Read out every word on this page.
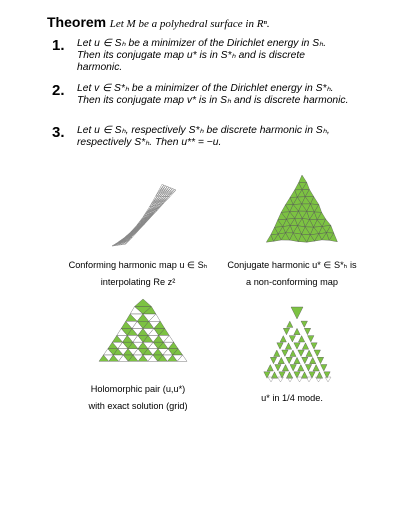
Theorem Let M be a polyhedral surface in Rⁿ.
1. Let u ∈ Sₕ be a minimizer of the Dirichlet energy in Sₕ. Then its conjugate map u* is in S*ₕ and is discrete harmonic.
2. Let v ∈ S*ₕ be a minimizer of the Dirichlet energy in S*ₕ. Then its conjugate map v* is in Sₕ and is discrete harmonic.
3. Let u ∈ Sₕ, respectively S*ₕ be discrete harmonic in Sₕ, respectively S*ₕ. Then u** = −u.
Conforming harmonic map u ∈ Sₕ
interpolating Re z²
Conjugate harmonic u* ∈ S*ₕ is
a non-conforming map
Holomorphic pair (u,u*)
with exact solution (grid)
u* in 1/4 mode.
